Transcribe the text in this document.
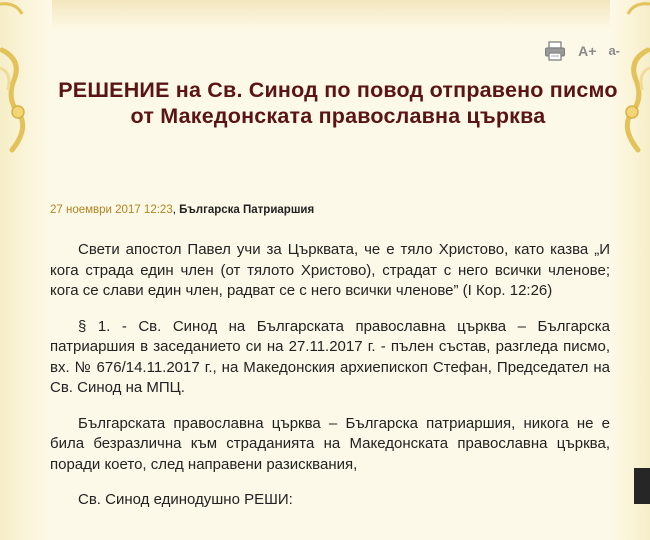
A+ a-
РЕШЕНИЕ на Св. Синод по повод отправено писмо от Македонската православна църква
27 ноември 2017 12:23, Българска Патриаршия

Свети апостол Павел учи за Църквата, че е тяло Христово, като казва „И кога страда един член (от тялото Христово), страдат с него всички членове; кога се слави един член, радват се с него всички членове” (I Кор. 12:26)

§ 1. - Св. Синод на Българската православна църква – Българска патриаршия в заседанието си на 27.11.2017 г. - пълен състав, разгледа писмо, вх. № 676/14.11.2017 г., на Македонския архиепископ Стефан, Председател на Св. Синод на МПЦ.

Българската православна църква – Българска патриаршия, никога не е била безразлична към страданията на Македонската православна църква, поради което, след направени разисквания,

Св. Синод единодушно РЕШИ:
